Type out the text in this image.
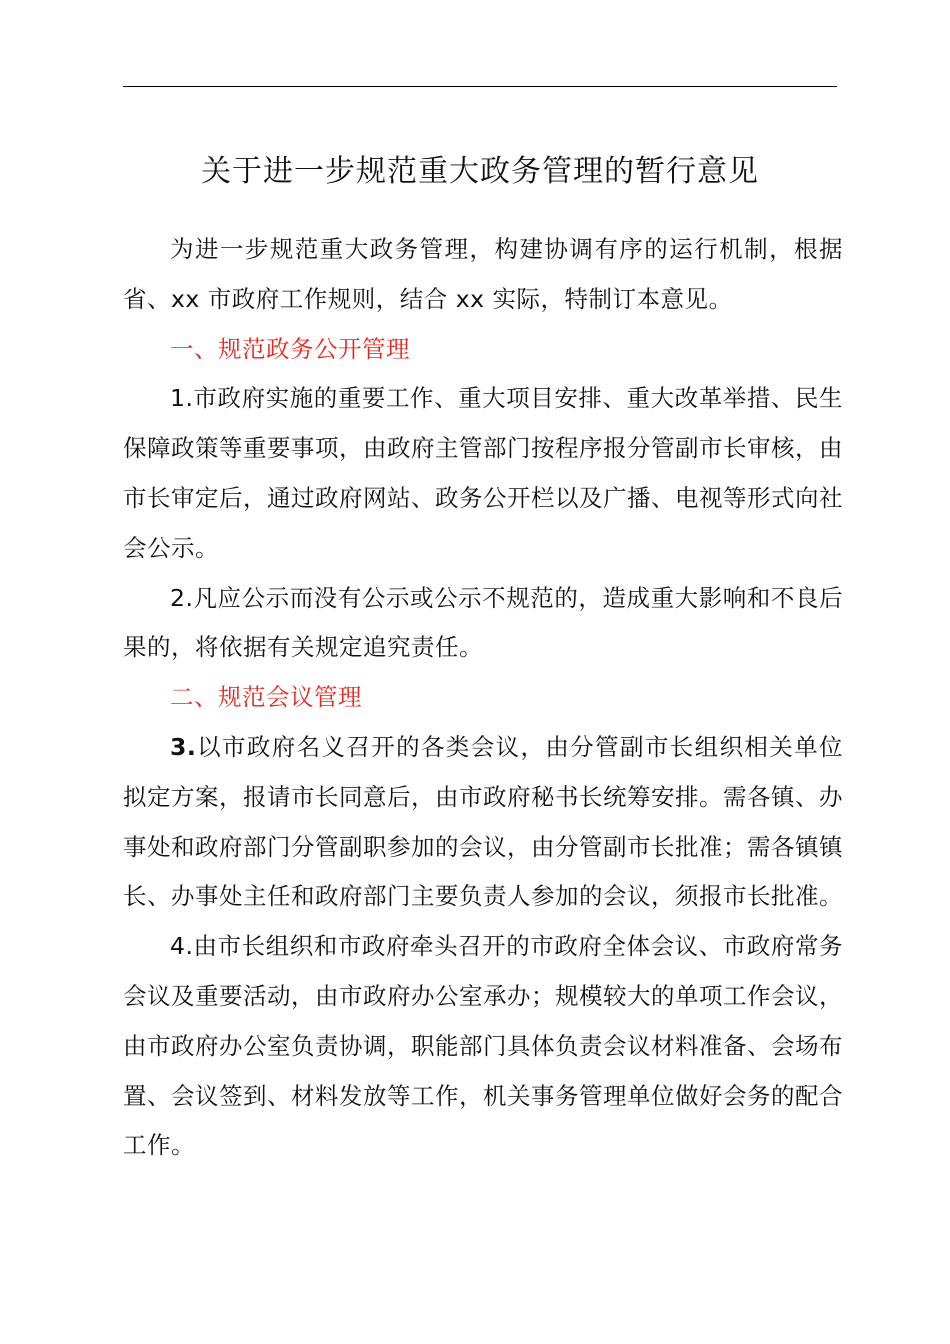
关于进一步规范重大政务管理的暂行意见

为进一步规范重大政务管理，构建协调有序的运行机制，根据省、xx 市政府工作规则，结合 xx 实际，特制订本意见。

一、规范政务公开管理

1.市政府实施的重要工作、重大项目安排、重大改革举措、民生保障政策等重要事项，由政府主管部门按程序报分管副市长审核，由市长审定后，通过政府网站、政务公开栏以及广播、电视等形式向社会公示。

2.凡应公示而没有公示或公示不规范的，造成重大影响和不良后果的，将依据有关规定追究责任。

二、规范会议管理

3.以市政府名义召开的各类会议，由分管副市长组织相关单位拟定方案，报请市长同意后，由市政府秘书长统筹安排。需各镇、办事处和政府部门分管副职参加的会议，由分管副市长批准；需各镇镇长、办事处主任和政府部门主要负责人参加的会议，须报市长批准。

4.由市长组织和市政府牵头召开的市政府全体会议、市政府常务会议及重要活动，由市政府办公室承办；规模较大的单项工作会议，由市政府办公室负责协调，职能部门具体负责会议材料准备、会场布置、会议签到、材料发放等工作，机关事务管理单位做好会务的配合工作。
